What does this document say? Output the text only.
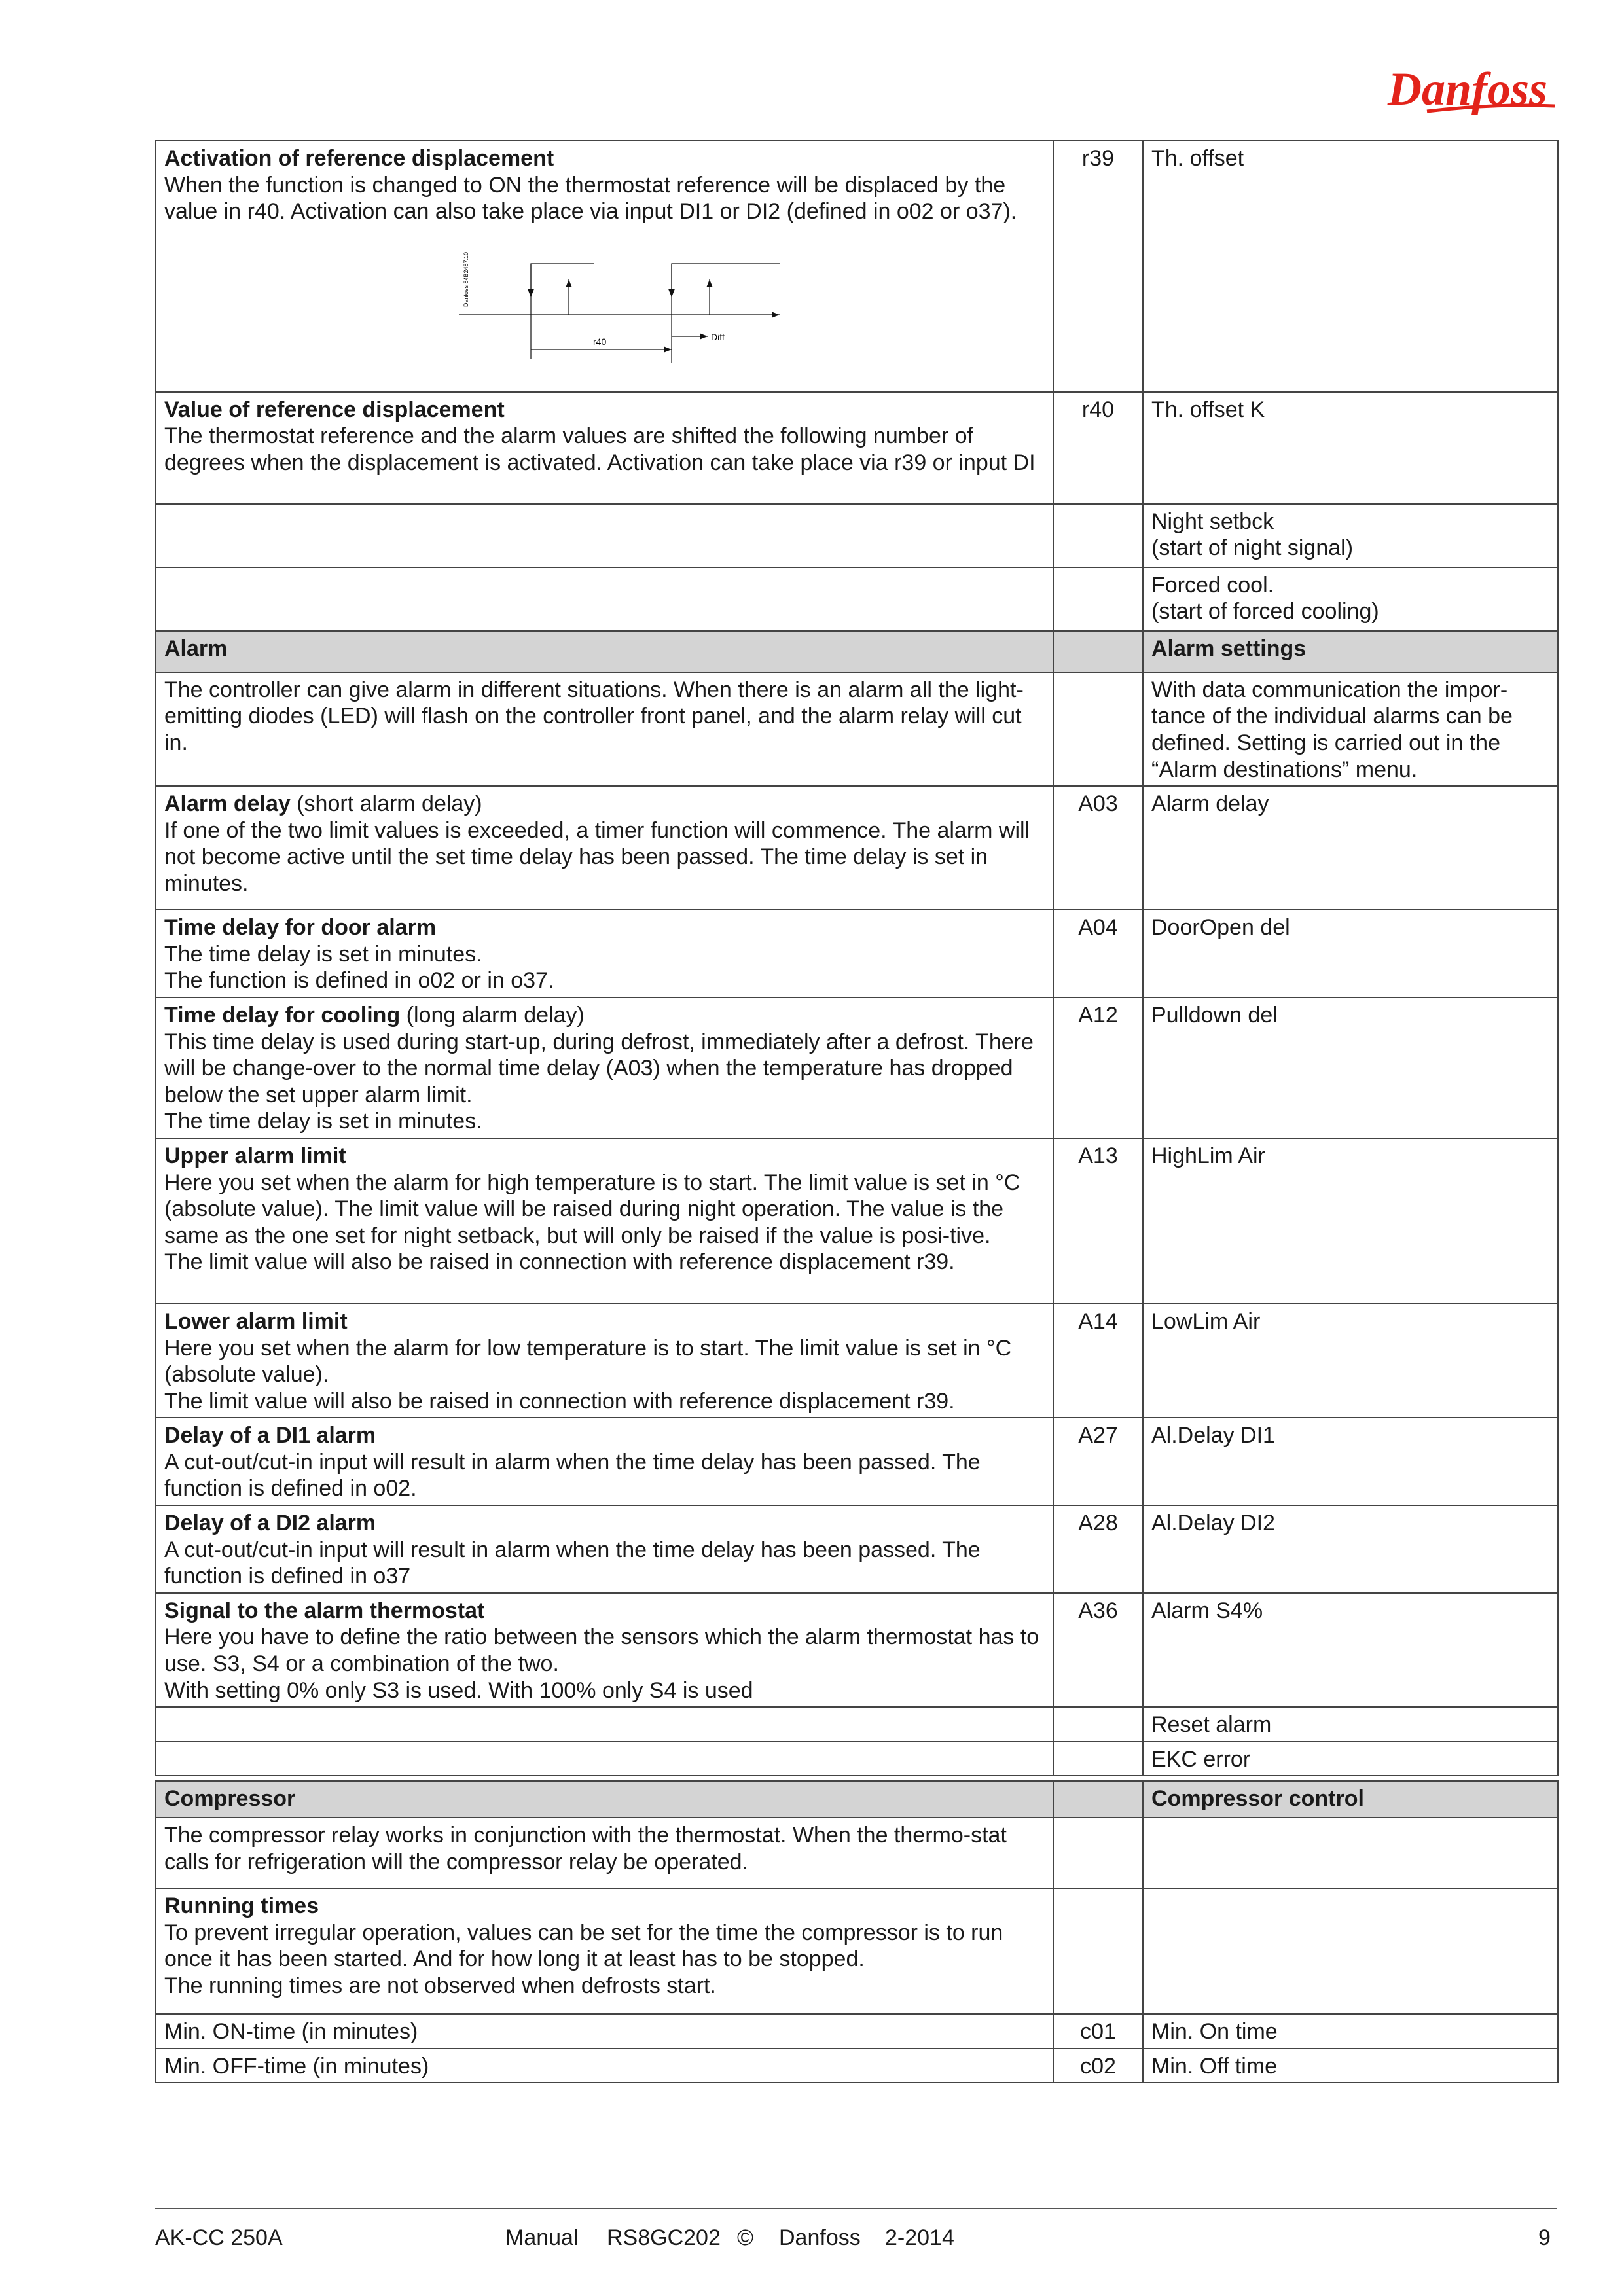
Danfoss
Activation of reference displacement
When the function is changed to ON the thermostat reference will be displaced by the value in r40. Activation can also take place via input DI1 or DI2 (defined in o02 or o37).
r40 Diff
Danfoss 84B2487.10	r39	Th. offset

Value of reference displacement
The thermostat reference and the alarm values are shifted the following number of degrees when the displacement is activated. Activation can take place via r39 or input DI	r40	Th. offset K

		Night setbck
(start of night signal)

		Forced cool.
(start of forced cooling)

Alarm		Alarm settings

The controller can give alarm in different situations. When there is an alarm all the light-emitting diodes (LED) will flash on the controller front panel, and the alarm relay will cut in.		With data communication the impor-
tance of the individual alarms can be
defined. Setting is carried out in the
“Alarm destinations” menu.

Alarm delay (short alarm delay)
If one of the two limit values is exceeded, a timer function will commence. The alarm will not become active until the set time delay has been passed. The time delay is set in minutes.	A03	Alarm delay

Time delay for door alarm
The time delay is set in minutes.
The function is defined in o02 or in o37.	A04	DoorOpen del

Time delay for cooling (long alarm delay)
This time delay is used during start-up, during defrost, immediately after a defrost. There will be change-over to the normal time delay (A03) when the temperature has dropped below the set upper alarm limit.
The time delay is set in minutes.	A12	Pulldown del

Upper alarm limit
Here you set when the alarm for high temperature is to start. The limit value is set in °C (absolute value). The limit value will be raised during night operation. The value is the same as the one set for night setback, but will only be raised if the value is posi-tive.
The limit value will also be raised in connection with reference displacement r39.	A13	HighLim Air

Lower alarm limit
Here you set when the alarm for low temperature is to start. The limit value is set in °C (absolute value).
The limit value will also be raised in connection with reference displacement r39.	A14	LowLim Air

Delay of a DI1 alarm
A cut-out/cut-in input will result in alarm when the time delay has been passed. The function is defined in o02.	A27	Al.Delay DI1

Delay of a DI2 alarm
A cut-out/cut-in input will result in alarm when the time delay has been passed. The function is defined in o37	A28	Al.Delay DI2

Signal to the alarm thermostat
Here you have to define the ratio between the sensors which the alarm thermostat has to use. S3, S4 or a combination of the two.
With setting 0% only S3 is used. With 100% only S4 is used	A36	Alarm S4%

		Reset alarm

		EKC error
Compressor		Compressor control

The compressor relay works in conjunction with the thermostat. When the thermo-stat calls for refrigeration will the compressor relay be operated.		

Running times
To prevent irregular operation, values can be set for the time the compressor is to run once it has been started. And for how long it at least has to be stopped.
The running times are not observed when defrosts start.		

Min. ON-time (in minutes)	c01	Min. On time

Min. OFF-time (in minutes)	c02	Min. Off time
AK-CC 250A	Manual RS8GC202 © Danfoss 2-2014	9
